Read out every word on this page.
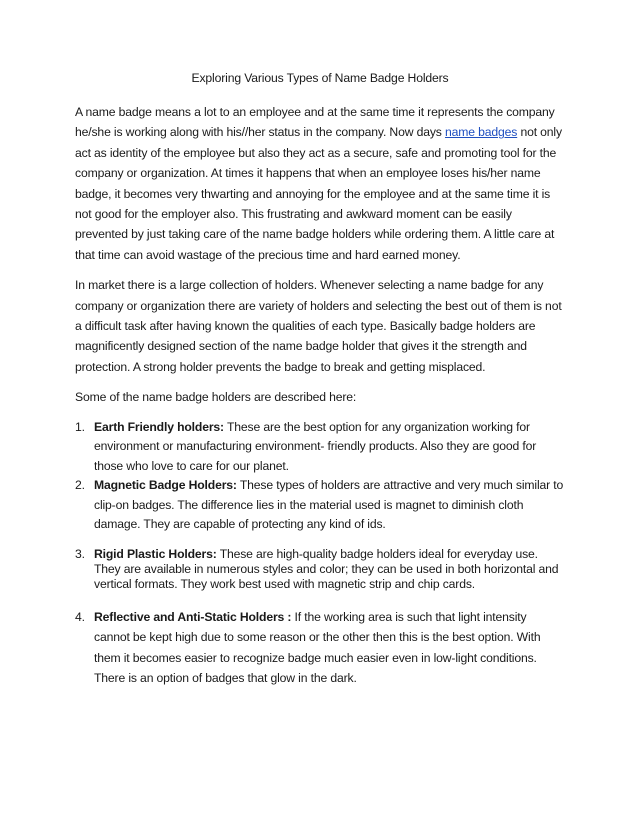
Exploring Various Types of Name Badge Holders

A name badge means a lot to an employee and at the same time it represents the company he/she is working along with his//her status in the company. Now days name badges not only act as identity of the employee but also they act as a secure, safe and promoting tool for the company or organization. At times it happens that when an employee loses his/her name badge, it becomes very thwarting and annoying for the employee and at the same time it is not good for the employer also. This frustrating and awkward moment can be easily prevented by just taking care of the name badge holders while ordering them. A little care at that time can avoid wastage of the precious time and hard earned money.

In market there is a large collection of holders. Whenever selecting a name badge for any company or organization there are variety of holders and selecting the best out of them is not a difficult task after having known the qualities of each type. Basically badge holders are magnificently designed section of the name badge holder that gives it the strength and protection. A strong holder prevents the badge to break and getting misplaced.

Some of the name badge holders are described here:

1. Earth Friendly holders: These are the best option for any organization working for environment or manufacturing environment- friendly products. Also they are good for those who love to care for our planet.
2. Magnetic Badge Holders: These types of holders are attractive and very much similar to clip-on badges. The difference lies in the material used is magnet to diminish cloth damage. They are capable of protecting any kind of ids.
3. Rigid Plastic Holders: These are high-quality badge holders ideal for everyday use. They are available in numerous styles and color; they can be used in both horizontal and vertical formats. They work best used with magnetic strip and chip cards.
4. Reflective and Anti-Static Holders : If the working area is such that light intensity cannot be kept high due to some reason or the other then this is the best option. With them it becomes easier to recognize badge much easier even in low-light conditions. There is an option of badges that glow in the dark.
